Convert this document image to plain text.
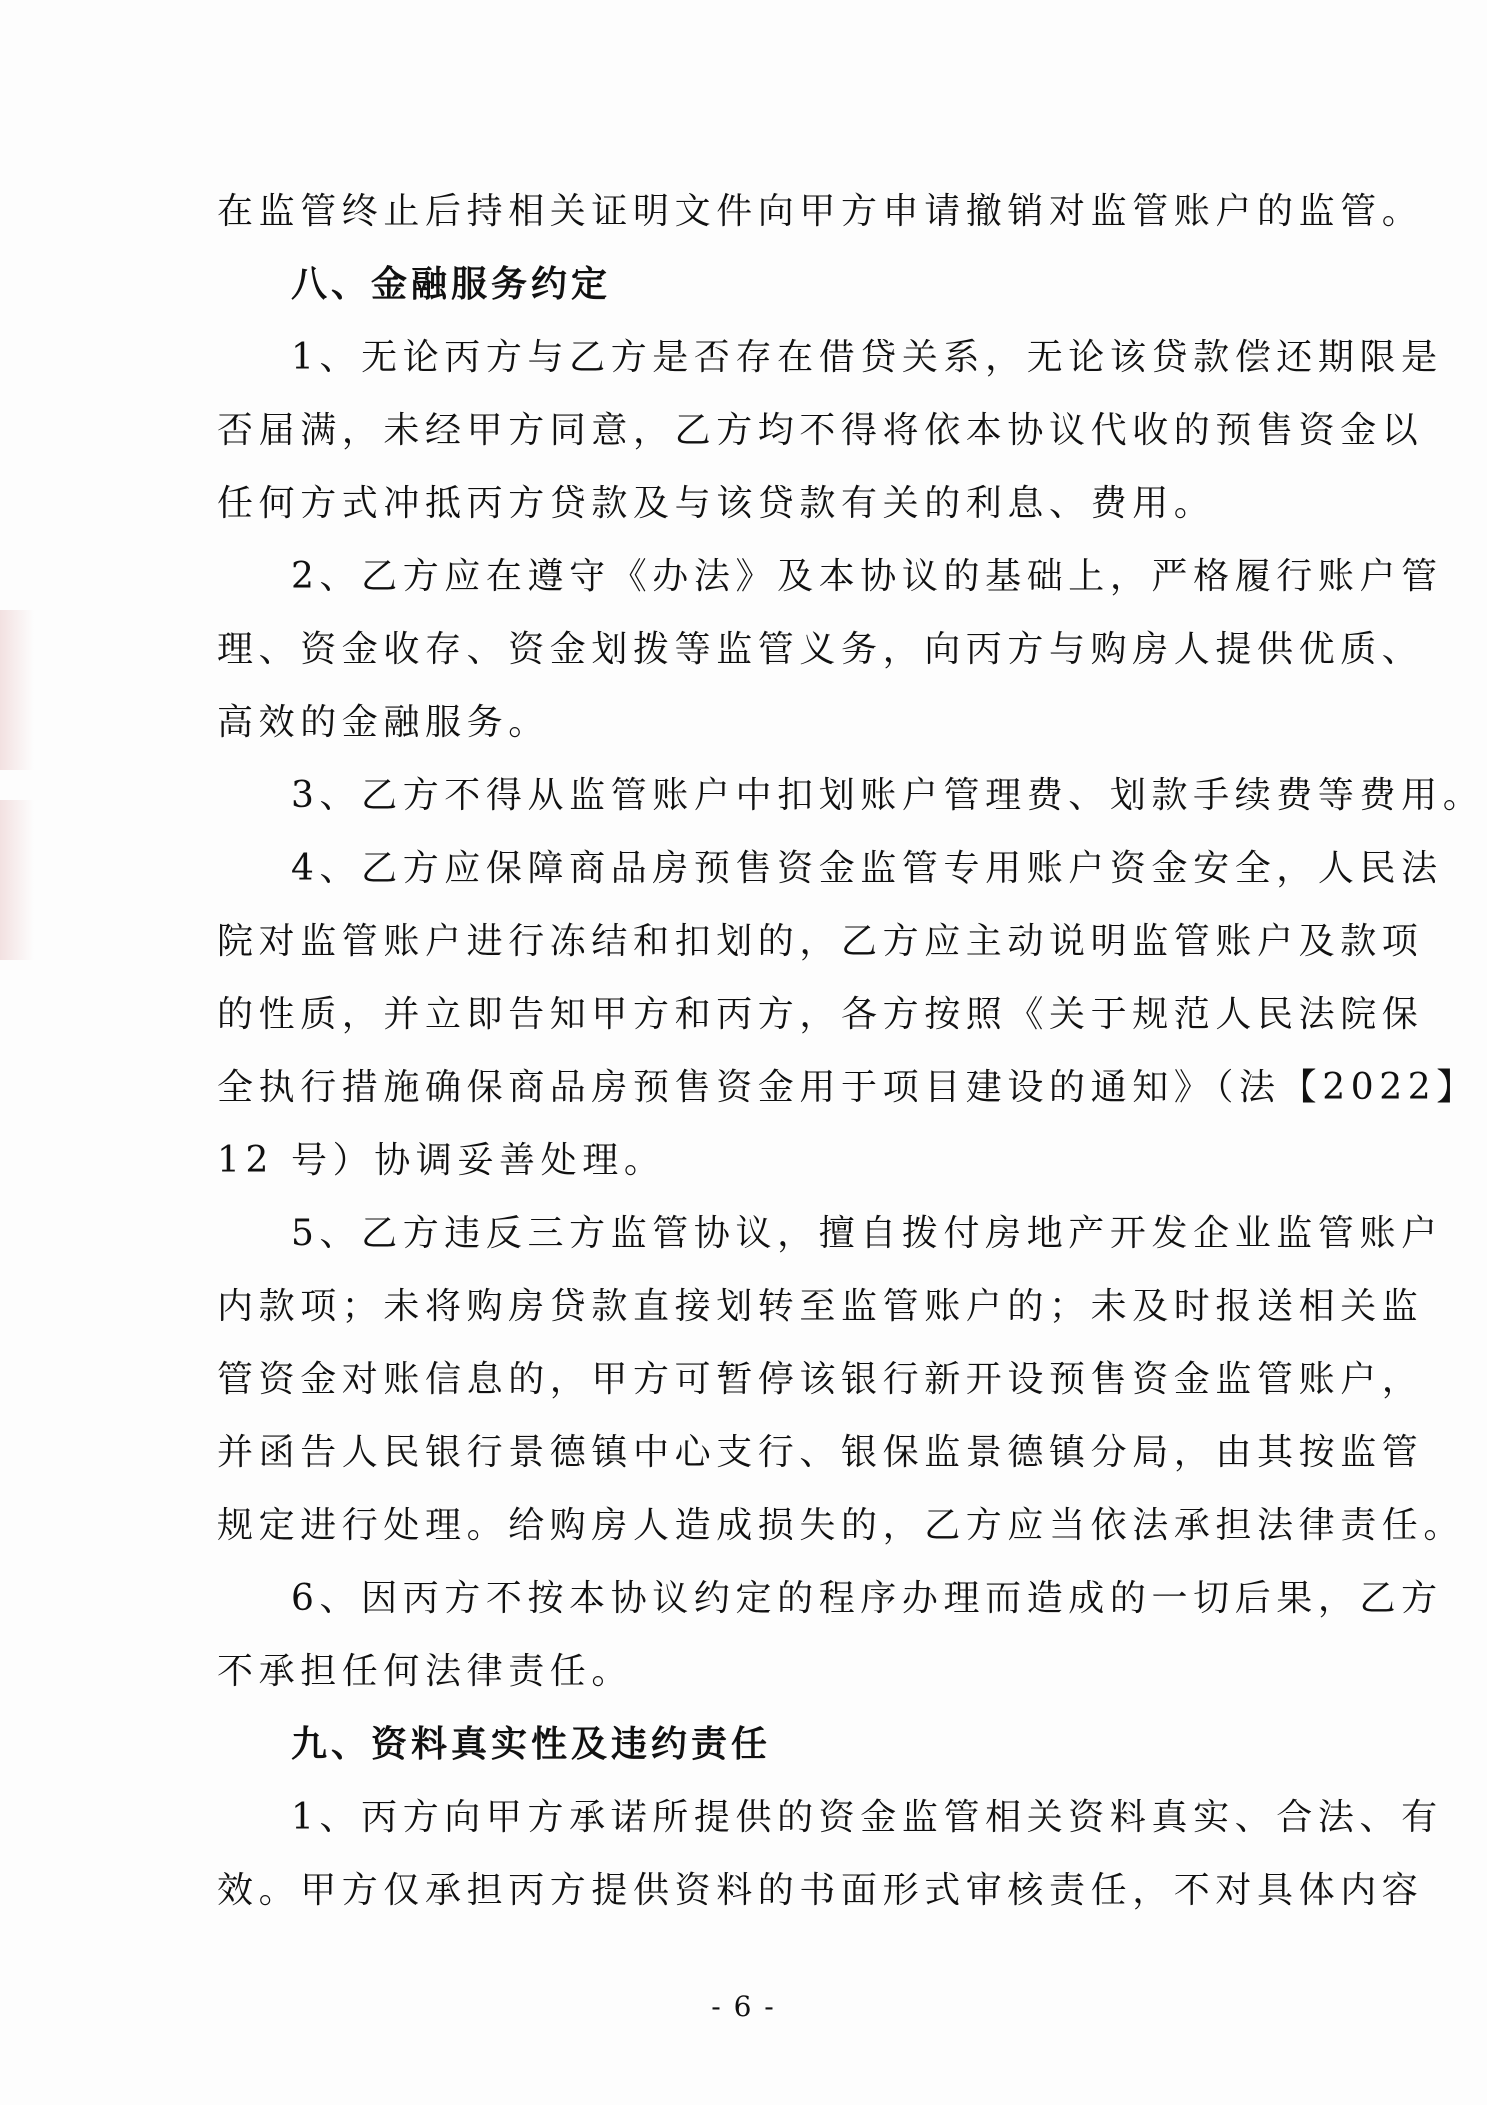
在监管终止后持相关证明文件向甲方申请撤销对监管账户的监管。
八、金融服务约定
1、无论丙方与乙方是否存在借贷关系，无论该贷款偿还期限是
否届满，未经甲方同意，乙方均不得将依本协议代收的预售资金以
任何方式冲抵丙方贷款及与该贷款有关的利息、费用。
2、乙方应在遵守《办法》及本协议的基础上，严格履行账户管
理、资金收存、资金划拨等监管义务，向丙方与购房人提供优质、
高效的金融服务。
3、乙方不得从监管账户中扣划账户管理费、划款手续费等费用。
4、乙方应保障商品房预售资金监管专用账户资金安全，人民法
院对监管账户进行冻结和扣划的，乙方应主动说明监管账户及款项
的性质，并立即告知甲方和丙方，各方按照《关于规范人民法院保
全执行措施确保商品房预售资金用于项目建设的通知》（法【2022】
12 号）协调妥善处理。
5、乙方违反三方监管协议，擅自拨付房地产开发企业监管账户
内款项；未将购房贷款直接划转至监管账户的；未及时报送相关监
管资金对账信息的，甲方可暂停该银行新开设预售资金监管账户，
并函告人民银行景德镇中心支行、银保监景德镇分局，由其按监管
规定进行处理。给购房人造成损失的，乙方应当依法承担法律责任。
6、因丙方不按本协议约定的程序办理而造成的一切后果，乙方
不承担任何法律责任。
九、资料真实性及违约责任
1、丙方向甲方承诺所提供的资金监管相关资料真实、合法、有
效。甲方仅承担丙方提供资料的书面形式审核责任，不对具体内容
- 6 -
